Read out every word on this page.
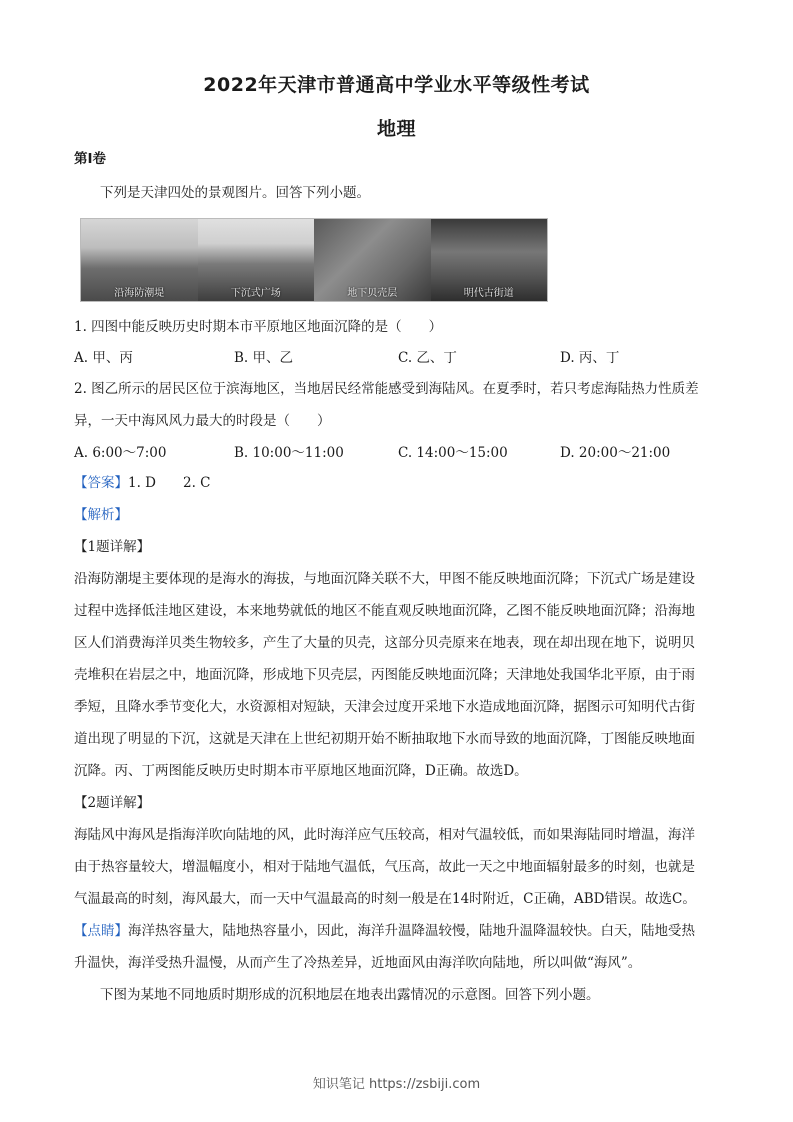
2022年天津市普通高中学业水平等级性考试
地理
第Ⅰ卷
下列是天津四处的景观图片。回答下列小题。
沿海防潮堤	下沉式广场	地下贝壳层	明代古街道
1. 四图中能反映历史时期本市平原地区地面沉降的是（　　）
A. 甲、丙	B. 甲、乙	C. 乙、丁	D. 丙、丁
2. 图乙所示的居民区位于滨海地区，当地居民经常能感受到海陆风。在夏季时，若只考虑海陆热力性质差
异，一天中海风风力最大的时段是（　　）
A. 6:00～7:00	B. 10:00～11:00	C. 14:00～15:00	D. 20:00～21:00
【答案】1. D　　2. C
【解析】
【1题详解】
沿海防潮堤主要体现的是海水的海拔，与地面沉降关联不大，甲图不能反映地面沉降；下沉式广场是建设
过程中选择低洼地区建设，本来地势就低的地区不能直观反映地面沉降，乙图不能反映地面沉降；沿海地
区人们消费海洋贝类生物较多，产生了大量的贝壳，这部分贝壳原来在地表，现在却出现在地下，说明贝
壳堆积在岩层之中，地面沉降，形成地下贝壳层，丙图能反映地面沉降；天津地处我国华北平原，由于雨
季短，且降水季节变化大，水资源相对短缺，天津会过度开采地下水造成地面沉降，据图示可知明代古街
道出现了明显的下沉，这就是天津在上世纪初期开始不断抽取地下水而导致的地面沉降，丁图能反映地面
沉降。丙、丁两图能反映历史时期本市平原地区地面沉降，D正确。故选D。
【2题详解】
海陆风中海风是指海洋吹向陆地的风，此时海洋应气压较高，相对气温较低，而如果海陆同时增温，海洋
由于热容量较大，增温幅度小，相对于陆地气温低，气压高，故此一天之中地面辐射最多的时刻，也就是
气温最高的时刻，海风最大，而一天中气温最高的时刻一般是在14时附近，C正确，ABD错误。故选C。
【点睛】海洋热容量大，陆地热容量小，因此，海洋升温降温较慢，陆地升温降温较快。白天，陆地受热
升温快，海洋受热升温慢，从而产生了冷热差异，近地面风由海洋吹向陆地，所以叫做“海风”。
下图为某地不同地质时期形成的沉积地层在地表出露情况的示意图。回答下列小题。
知识笔记 https://zsbiji.com
